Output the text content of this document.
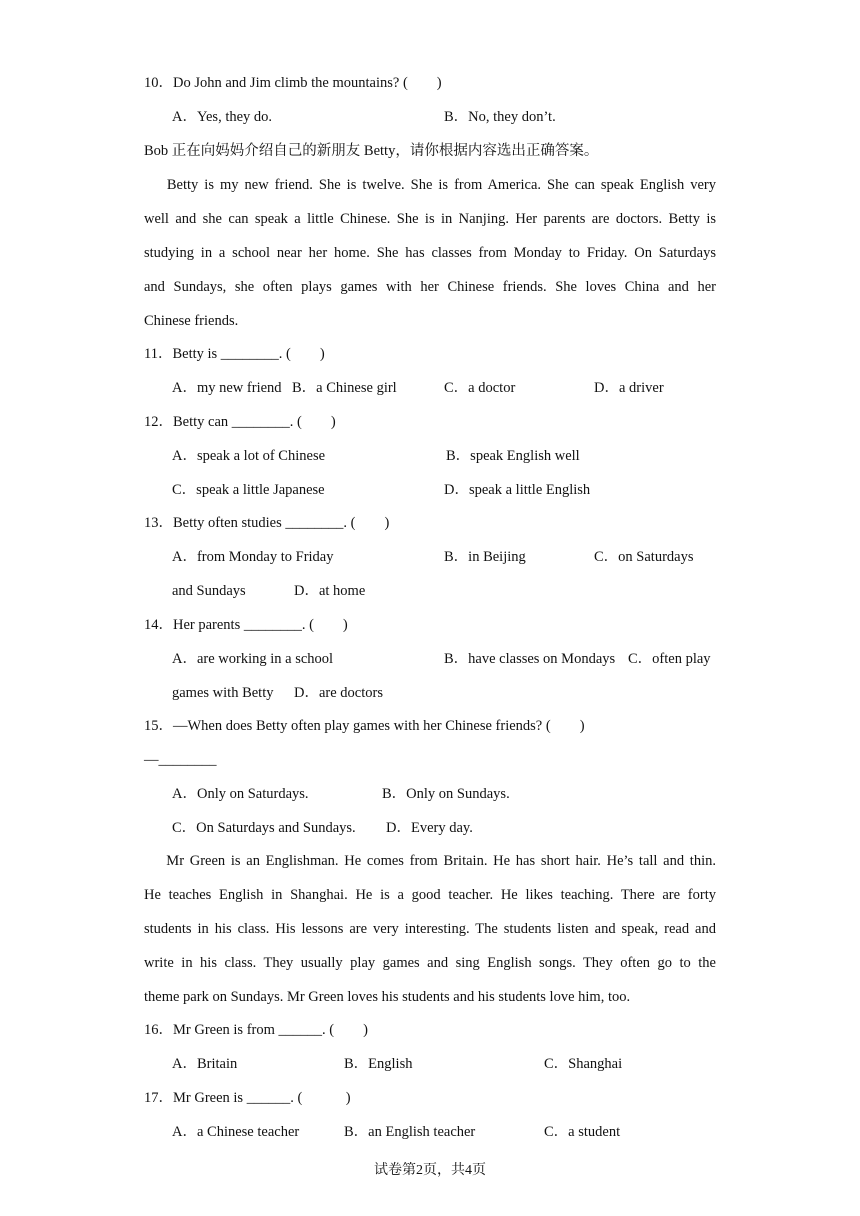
10．Do John and Jim climb the mountains? (　　)
A．Yes, they do.	B．No, they don’t.
Bob 正在向妈妈介绍自己的新朋友 Betty，请你根据内容选出正确答案。
　 Betty is my new friend. She is twelve. She is from America. She can speak English very
well and she can speak a little Chinese. She is in Nanjing. Her parents are doctors. Betty is
studying in a school near her home. She has classes from Monday to Friday. On Saturdays
and Sundays, she often plays games with her Chinese friends. She loves China and her
Chinese friends.
11．Betty is ________. (　　)
A．my new friend B．a Chinese girl	C．a doctor	D．a driver
12．Betty can ________. (　　)
A．speak a lot of Chinese	B．speak English well
C．speak a little Japanese	D．speak a little English
13．Betty often studies ________. (　　)
A．from Monday to Friday	B．in Beijing	C．on Saturdays
and Sundays	D．at home
14．Her parents ________. (　　)
A．are working in a school	B．have classes on Mondays C．often play
games with Betty D．are doctors
15．—When does Betty often play games with her Chinese friends? (　　)
—________
A．Only on Saturdays.	B．Only on Sundays.
C．On Saturdays and Sundays. D．Every day.
　 Mr Green is an Englishman. He comes from Britain. He has short hair. He’s tall and thin.
He teaches English in Shanghai. He is a good teacher. He likes teaching. There are forty
students in his class. His lessons are very interesting. The students listen and speak, read and
write in his class. They usually play games and sing English songs. They often go to the
theme park on Sundays. Mr Green loves his students and his students love him, too.
16．Mr Green is from ______. (　　)
A．Britain	B．English	C．Shanghai
17．Mr Green is ______. (　　　)
A．a Chinese teacher	B．an English teacher	C．a student
试卷第2页，共4页
